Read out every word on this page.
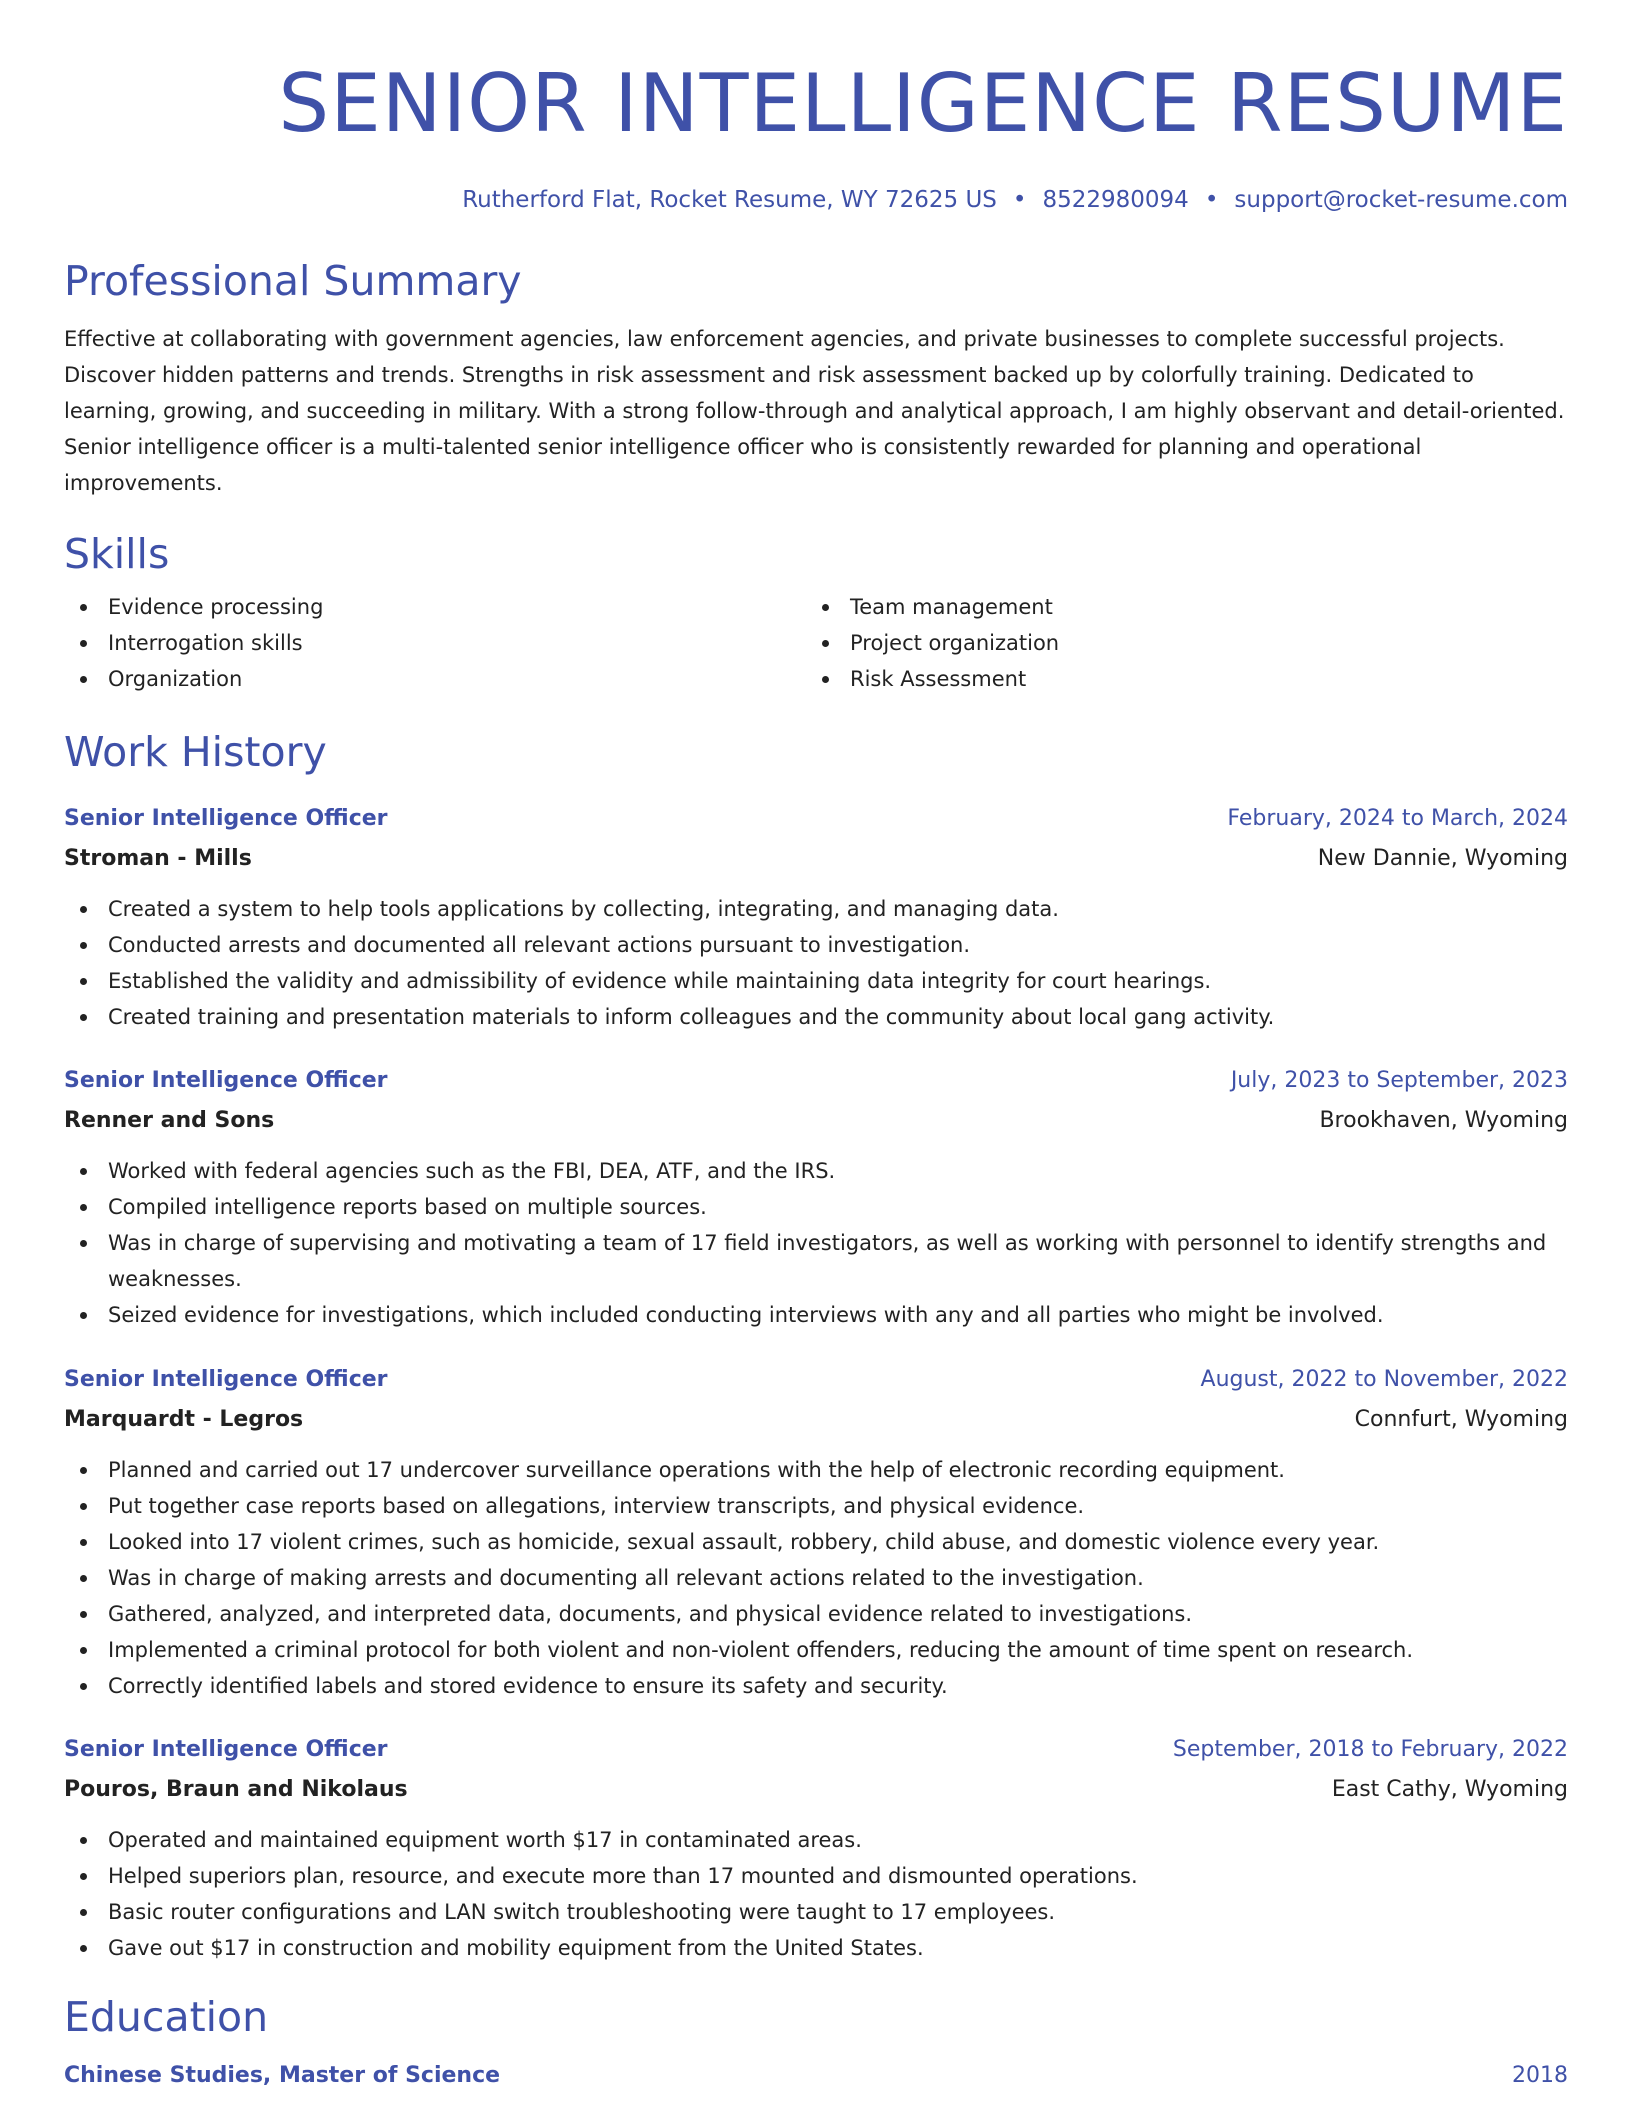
SENIOR INTELLIGENCE RESUME
Rutherford Flat, Rocket Resume, WY 72625 US • 8522980094 • support@rocket-resume.com
Professional Summary

Effective at collaborating with government agencies, law enforcement agencies, and private businesses to complete successful projects. Discover hidden patterns and trends. Strengths in risk assessment and risk assessment backed up by colorfully training. Dedicated to learning, growing, and succeeding in military. With a strong follow-through and analytical approach, I am highly observant and detail-oriented. Senior intelligence officer is a multi-talented senior intelligence officer who is consistently rewarded for planning and operational improvements.

Skills
Evidence processing
Interrogation skills
Organization
Team management
Project organization
Risk Assessment
Work History
Senior Intelligence Officer	February, 2024 to March, 2024
Stroman - Mills	New Dannie, Wyoming
Created a system to help tools applications by collecting, integrating, and managing data.
Conducted arrests and documented all relevant actions pursuant to investigation.
Established the validity and admissibility of evidence while maintaining data integrity for court hearings.
Created training and presentation materials to inform colleagues and the community about local gang activity.
Senior Intelligence Officer	July, 2023 to September, 2023
Renner and Sons	Brookhaven, Wyoming
Worked with federal agencies such as the FBI, DEA, ATF, and the IRS.
Compiled intelligence reports based on multiple sources.
Was in charge of supervising and motivating a team of 17 field investigators, as well as working with personnel to identify strengths and weaknesses.
Seized evidence for investigations, which included conducting interviews with any and all parties who might be involved.
Senior Intelligence Officer	August, 2022 to November, 2022
Marquardt - Legros	Connfurt, Wyoming
Planned and carried out 17 undercover surveillance operations with the help of electronic recording equipment.
Put together case reports based on allegations, interview transcripts, and physical evidence.
Looked into 17 violent crimes, such as homicide, sexual assault, robbery, child abuse, and domestic violence every year.
Was in charge of making arrests and documenting all relevant actions related to the investigation.
Gathered, analyzed, and interpreted data, documents, and physical evidence related to investigations.
Implemented a criminal protocol for both violent and non-violent offenders, reducing the amount of time spent on research.
Correctly identified labels and stored evidence to ensure its safety and security.
Senior Intelligence Officer	September, 2018 to February, 2022
Pouros, Braun and Nikolaus	East Cathy, Wyoming
Operated and maintained equipment worth $17 in contaminated areas.
Helped superiors plan, resource, and execute more than 17 mounted and dismounted operations.
Basic router configurations and LAN switch troubleshooting were taught to 17 employees.
Gave out $17 in construction and mobility equipment from the United States.
Education
Chinese Studies, Master of Science	2018
